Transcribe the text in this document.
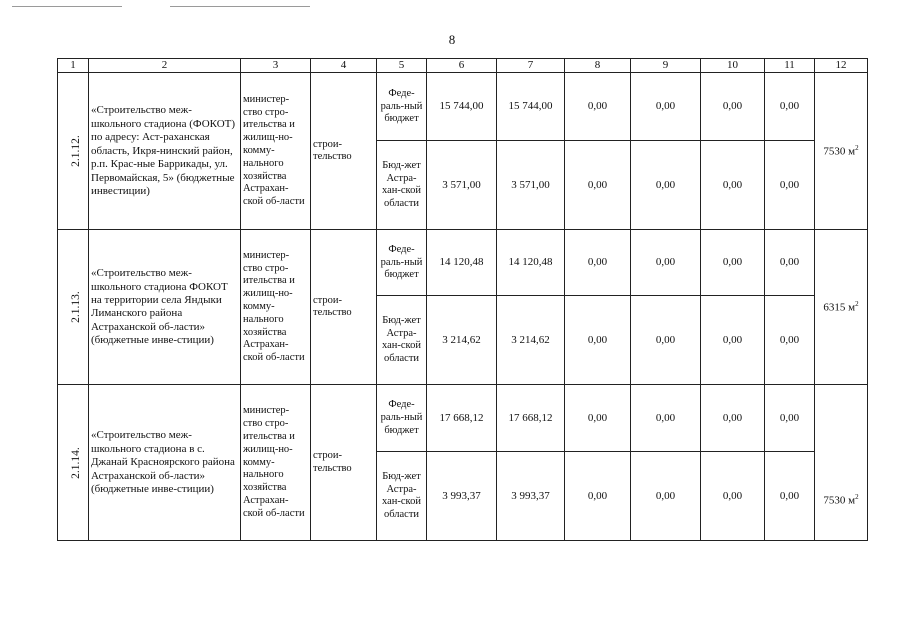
8
1	2	3	4	5	6	7	8	9	10	11	12
2.1.12.	«Строительство меж-школьного стадиона (ФОКОТ) по адресу: Аст-раханская область, Икря-нинский район, р.п. Крас-ные Баррикады, ул. Первомайская, 5» (бюджетные инвестиции)	министер-ство стро-ительства и жилищ-но-комму-нального хозяйства Астрахан-ской об-ласти	строи-тельство	Феде-раль-ный бюджет	15 744,00	15 744,00	0,00	0,00	0,00	0,00	7530 $м^2$
				Бюд-жет Астра-хан-ской области	3 571,00	3 571,00	0,00	0,00	0,00	0,00	
2.1.13.	«Строительство меж-школьного стадиона ФОКОТ на территории села Яндыки Лиманского района Астраханской об-ласти» (бюджетные инве-стиции)	министер-ство стро-ительства и жилищ-но-комму-нального хозяйства Астрахан-ской об-ласти	строи-тельство	Феде-раль-ный бюджет	14 120,48	14 120,48	0,00	0,00	0,00	0,00	6315 $м^2$
				Бюд-жет Астра-хан-ской области	3 214,62	3 214,62	0,00	0,00	0,00	0,00	
2.1.14.	«Строительство меж-школьного стадиона в с. Джанай Красноярского района Астраханской об-ласти» (бюджетные инве-стиции)	министер-ство стро-ительства и жилищ-но-комму-нального хозяйства Астрахан-ской об-ласти	строи-тельство	Феде-раль-ный бюджет	17 668,12	17 668,12	0,00	0,00	0,00	0,00	7530 $м^2$
				Бюд-жет Астра-хан-ской области	3 993,37	3 993,37	0,00	0,00	0,00	0,00	
